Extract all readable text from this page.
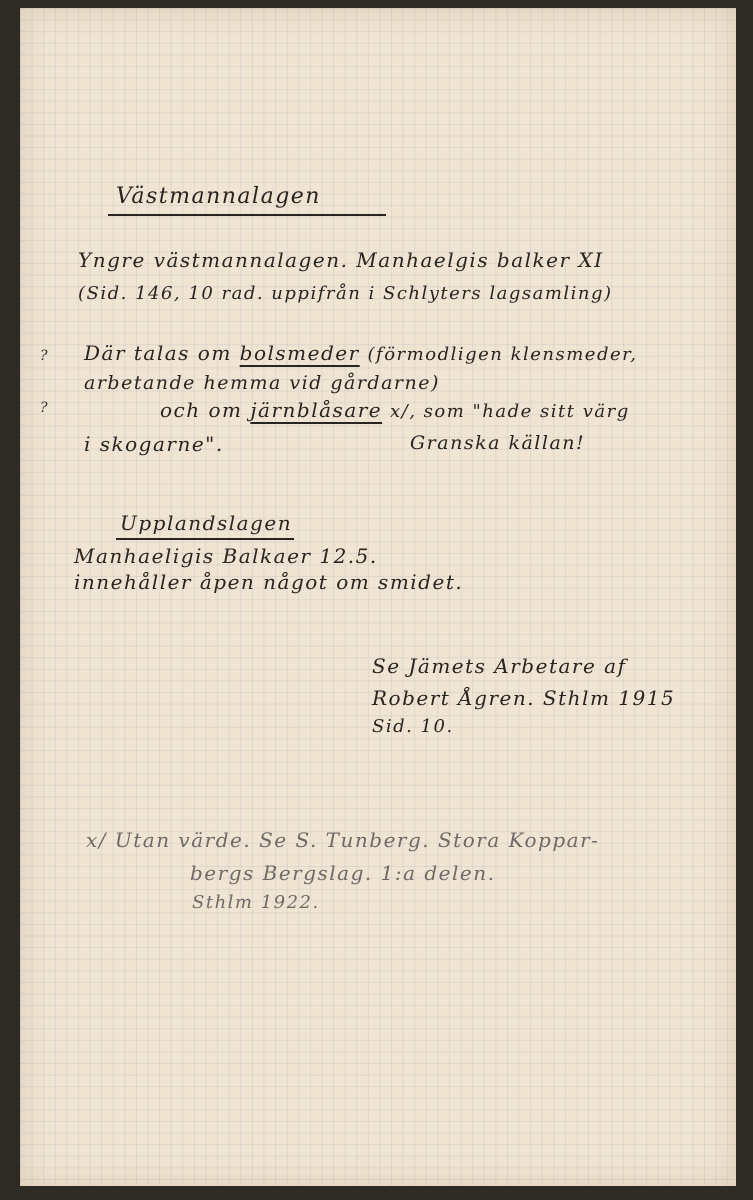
Västmannalagen
Yngre västmannalagen. Manhaelgis balker XI
(Sid. 146, 10 rad. uppifrån i Schlyters lagsamling)
? Där talas om bolsmeder (förmodligen klensmeder,
arbetande hemma vid gårdarne)
?	och om järnblåsare x/, som "hade sitt värg
i skogarne".	Granska källan!
Upplandslagen
Manhaeligis Balkaer 12.5.
innehåller åpen något om smidet.
Se Jämets Arbetare af
Robert Ågren. Sthlm 1915
Sid. 10.
x/ Utan värde. Se S. Tunberg. Stora Koppar-
bergs Bergslag. 1:a delen.
Sthlm 1922.
